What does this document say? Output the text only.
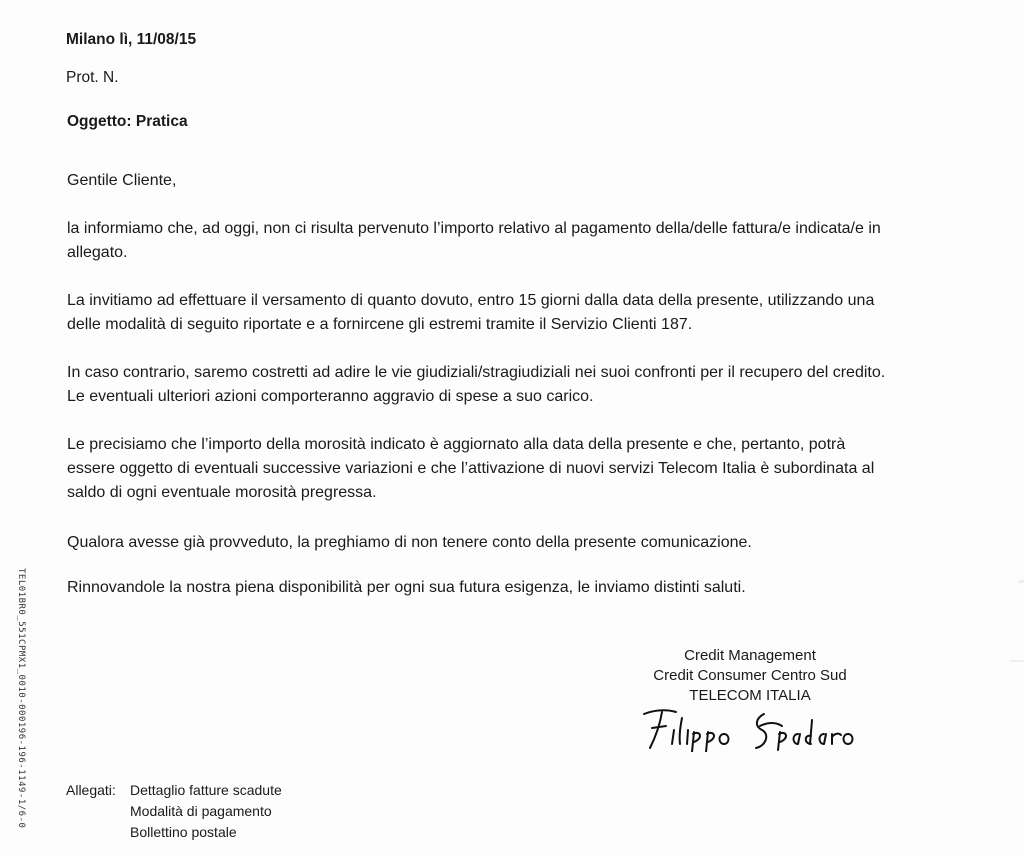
Milano lì, 11/08/15
Prot. N.
Oggetto: Pratica
Gentile Cliente,
la informiamo che, ad oggi, non ci risulta pervenuto l’importo relativo al pagamento della/delle fattura/e indicata/e in
allegato.
La invitiamo ad effettuare il versamento di quanto dovuto, entro 15 giorni dalla data della presente, utilizzando una
delle modalità di seguito riportate e a fornircene gli estremi tramite il Servizio Clienti 187.
In caso contrario, saremo costretti ad adire le vie giudiziali/stragiudiziali nei suoi confronti per il recupero del credito.
Le eventuali ulteriori azioni comporteranno aggravio di spese a suo carico.
Le precisiamo che l’importo della morosità indicato è aggiornato alla data della presente e che, pertanto, potrà
essere oggetto di eventuali successive variazioni e che l’attivazione di nuovi servizi Telecom Italia è subordinata al
saldo di ogni eventuale morosità pregressa.
Qualora avesse già provveduto, la preghiamo di non tenere conto della presente comunicazione.
Rinnovandole la nostra piena disponibilità per ogni sua futura esigenza, le inviamo distinti saluti.
Credit Management
Credit Consumer Centro Sud
TELECOM ITALIA
Allegati: Dettaglio fatture scadute
Modalità di pagamento
Bollettino postale
TEL01BR0_551CPMX1_0010-000196-196-1149-1/6-0
